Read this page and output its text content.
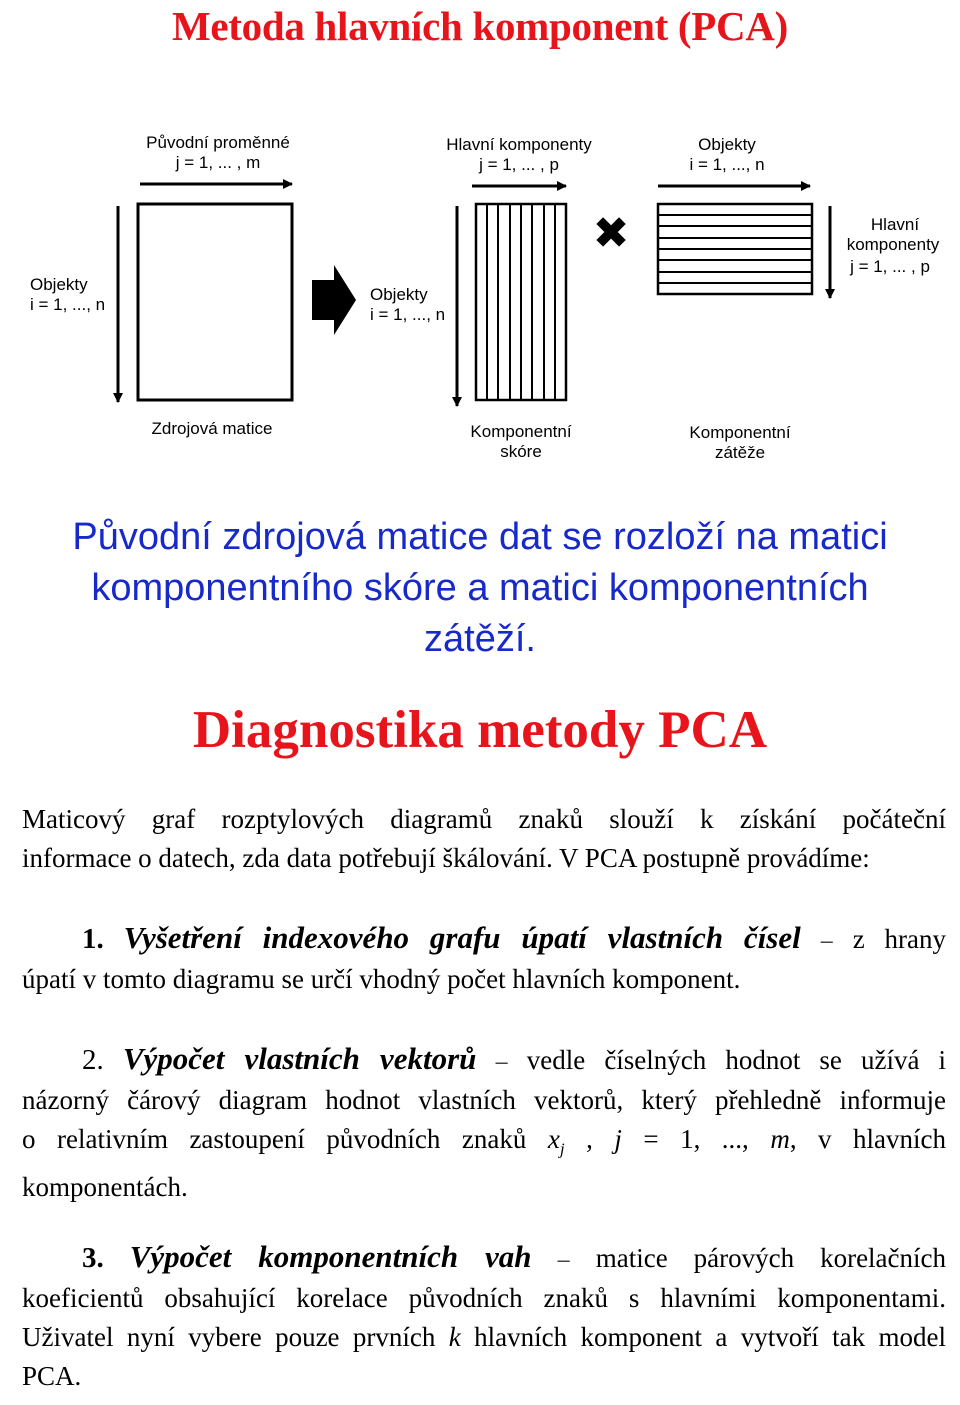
Metoda hlavních komponent (PCA)
Původní proměnné
j = 1, ... , m
Objekty
i = 1, ..., n
Zdrojová matice
Hlavní komponenty
j = 1, ... , p
Objekty
i = 1, ..., n
Komponentní
skóre
✖
Objekty
i = 1, ..., n
Hlavní
komponenty
j = 1, ... , p
Komponentní
zátěže
Původní zdrojová matice dat se rozloží na matici
komponentního skóre a matici komponentních
zátěží.
Diagnostika metody PCA
Maticový graf rozptylových diagramů znaků slouží k získání počáteční
informace o datech, zda data potřebují škálování. V PCA postupně provádíme:
1. Vyšetření indexového grafu úpatí vlastních čísel – z hrany
úpatí v tomto diagramu se určí vhodný počet hlavních komponent.
2. Výpočet vlastních vektorů – vedle číselných hodnot se užívá i
názorný čárový diagram hodnot vlastních vektorů, který přehledně informuje
o relativním zastoupení původních znaků $x_j$ , j = 1, ..., m, v hlavních
komponentách.
3. Výpočet komponentních vah – matice párových korelačních
koeficientů obsahující korelace původních znaků s hlavními komponentami.
Uživatel nyní vybere pouze prvních k hlavních komponent a vytvoří tak model
PCA.
